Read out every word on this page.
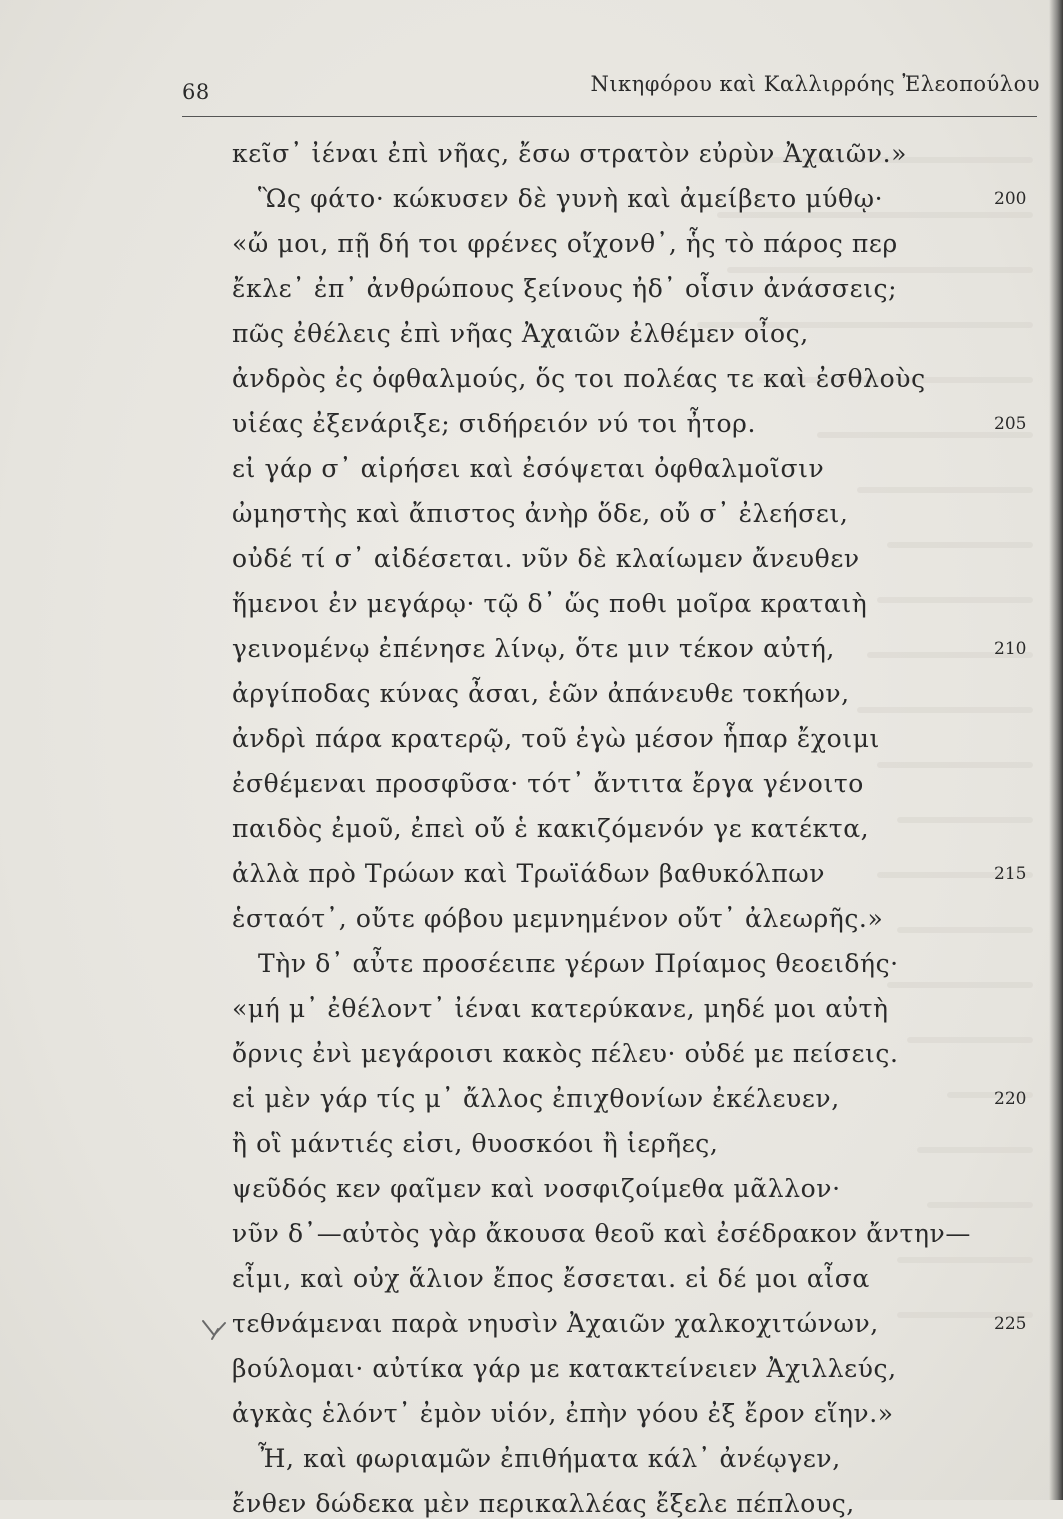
68	Νικηφόρου καὶ Καλλιρρόης Ἐλεοπούλου
κεῖσ᾽ ἰέναι ἐπὶ νῆας, ἔσω στρατὸν εὐρὺν Ἀχαιῶν.»
Ὣς φάτο· κώκυσεν δὲ γυνὴ καὶ ἀμείβετο μύθῳ·
«ὤ μοι, πῇ δή τοι φρένες οἴχονθ᾽, ἧς τὸ πάρος περ
ἔκλε᾽ ἐπ᾽ ἀνθρώπους ξείνους ἠδ᾽ οἷσιν ἀνάσσεις;
πῶς ἐθέλεις ἐπὶ νῆας Ἀχαιῶν ἐλθέμεν οἶος,
ἀνδρὸς ἐς ὀφθαλμούς, ὅς τοι πολέας τε καὶ ἐσθλοὺς
υἱέας ἐξενάριξε; σιδήρειόν νύ τοι ἦτορ.
εἰ γάρ σ᾽ αἱρήσει καὶ ἐσόψεται ὀφθαλμοῖσιν
ὠμηστὴς καὶ ἄπιστος ἀνὴρ ὅδε, οὔ σ᾽ ἐλεήσει,
οὐδέ τί σ᾽ αἰδέσεται. νῦν δὲ κλαίωμεν ἄνευθεν
ἥμενοι ἐν μεγάρῳ· τῷ δ᾽ ὥς ποθι μοῖρα κραταιὴ
γεινομένῳ ἐπένησε λίνῳ, ὅτε μιν τέκον αὐτή,
ἀργίποδας κύνας ἆσαι, ἑῶν ἀπάνευθε τοκήων,
ἀνδρὶ πάρα κρατερῷ, τοῦ ἐγὼ μέσον ἧπαρ ἔχοιμι
ἐσθέμεναι προσφῦσα· τότ᾽ ἄντιτα ἔργα γένοιτο
παιδὸς ἐμοῦ, ἐπεὶ οὔ ἑ κακιζόμενόν γε κατέκτα,
ἀλλὰ πρὸ Τρώων καὶ Τρωϊάδων βαθυκόλπων
ἑσταότ᾽, οὔτε φόβου μεμνημένον οὔτ᾽ ἀλεωρῆς.»
Τὴν δ᾽ αὖτε προσέειπε γέρων Πρίαμος θεοειδής·
«μή μ᾽ ἐθέλοντ᾽ ἰέναι κατερύκανε, μηδέ μοι αὐτὴ
ὄρνις ἐνὶ μεγάροισι κακὸς πέλευ· οὐδέ με πείσεις.
εἰ μὲν γάρ τίς μ᾽ ἄλλος ἐπιχθονίων ἐκέλευεν,
ἢ οἳ μάντιές εἰσι, θυοσκόοι ἢ ἱερῆες,
ψεῦδός κεν φαῖμεν καὶ νοσφιζοίμεθα μᾶλλον·
νῦν δ᾽—αὐτὸς γὰρ ἄκουσα θεοῦ καὶ ἐσέδρακον ἄντην—
εἶμι, καὶ οὐχ ἅλιον ἔπος ἔσσεται. εἰ δέ μοι αἶσα
τεθνάμεναι παρὰ νηυσὶν Ἀχαιῶν χαλκοχιτώνων,
βούλομαι· αὐτίκα γάρ με κατακτείνειεν Ἀχιλλεύς,
ἀγκὰς ἑλόντ᾽ ἐμὸν υἱόν, ἐπὴν γόου ἐξ ἔρον εἵην.»
Ἦ, καὶ φωριαμῶν ἐπιθήματα κάλ᾽ ἀνέῳγεν,
ἔνθεν δώδεκα μὲν περικαλλέας ἔξελε πέπλους,
200
205
210
215
220
225
